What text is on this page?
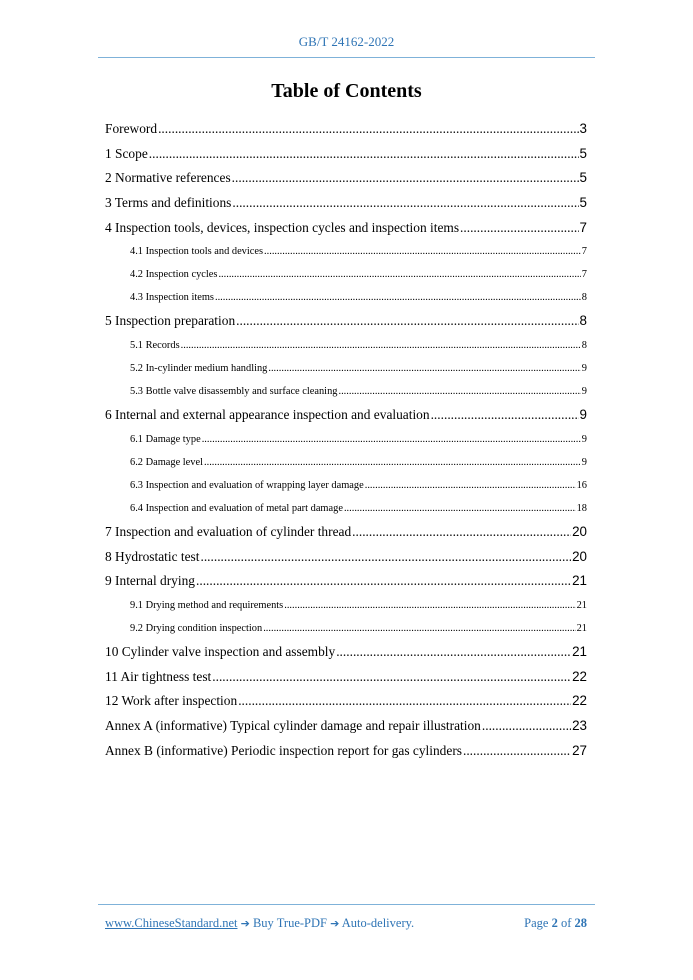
GB/T 24162-2022
Table of Contents
Foreword .....	3
1 Scope .....	5
2 Normative references .....	5
3 Terms and definitions .....	5
4 Inspection tools, devices, inspection cycles and inspection items .....	7
4.1 Inspection tools and devices .....	7
4.2 Inspection cycles .....	7
4.3 Inspection items .....	8
5 Inspection preparation .....	8
5.1 Records .....	8
5.2 In-cylinder medium handling .....	9
5.3 Bottle valve disassembly and surface cleaning .....	9
6 Internal and external appearance inspection and evaluation .....	9
6.1 Damage type .....	9
6.2 Damage level .....	9
6.3 Inspection and evaluation of wrapping layer damage .....	16
6.4 Inspection and evaluation of metal part damage .....	18
7 Inspection and evaluation of cylinder thread .....	20
8 Hydrostatic test .....	20
9 Internal drying .....	21
9.1 Drying method and requirements .....	21
9.2 Drying condition inspection .....	21
10 Cylinder valve inspection and assembly .....	21
11 Air tightness test .....	22
12 Work after inspection .....	22
Annex A (informative) Typical cylinder damage and repair illustration .....	23
Annex B (informative) Periodic inspection report for gas cylinders .....	27
www.ChineseStandard.net ➔ Buy True-PDF ➔ Auto-delivery.	Page 2 of 28
